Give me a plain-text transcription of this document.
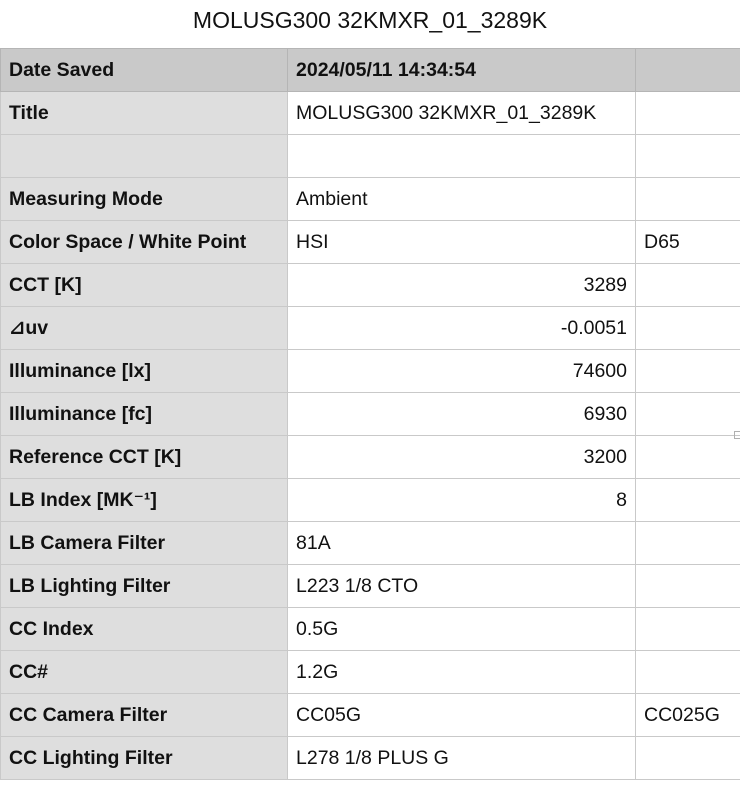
MOLUSG300 32KMXR_01_3289K
Date Saved	2024/05/11 14:34:54	
Title	MOLUSG300 32KMXR_01_3289K	

Measuring Mode	Ambient	
Color Space / White Point	HSI	D65
CCT [K]	3289	
⊿uv	-0.0051	
Illuminance [lx]	74600	
Illuminance [fc]	6930	
Reference CCT [K]	3200	
LB Index [MK⁻¹]	8	
LB Camera Filter	81A	
LB Lighting Filter	L223 1/8 CTO	
CC Index	0.5G	
CC#	1.2G	
CC Camera Filter	CC05G	CC025G
CC Lighting Filter	L278 1/8 PLUS G	
